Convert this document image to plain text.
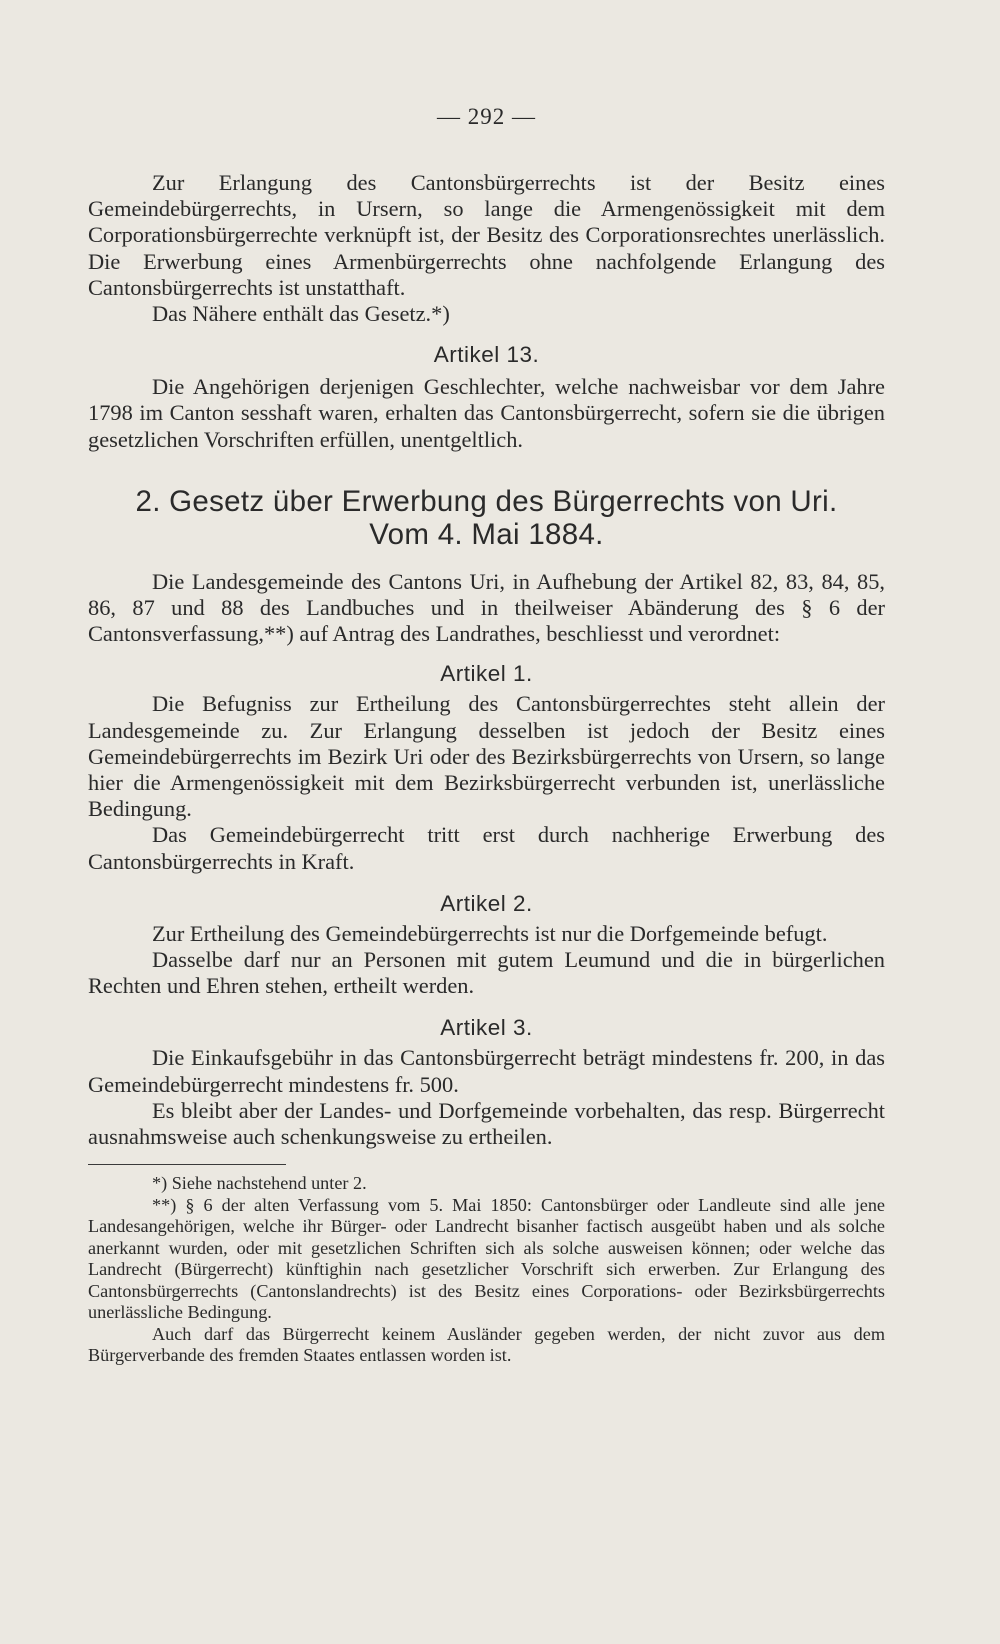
— 292 —

Zur Erlangung des Cantonsbürgerrechts ist der Besitz eines Gemeindebürgerrechts, in Ursern, so lange die Armengenössigkeit mit dem Corporationsbürgerrechte verknüpft ist, der Besitz des Corporationsrechtes unerlässlich. Die Erwerbung eines Armenbürgerrechts ohne nachfolgende Erlangung des Cantonsbürgerrechts ist unstatthaft.

Das Nähere enthält das Gesetz.*)

Artikel 13.

Die Angehörigen derjenigen Geschlechter, welche nachweisbar vor dem Jahre 1798 im Canton sesshaft waren, erhalten das Cantonsbürgerrecht, sofern sie die übrigen gesetzlichen Vorschriften erfüllen, unentgeltlich.

2. Gesetz über Erwerbung des Bürgerrechts von Uri.
Vom 4. Mai 1884.

Die Landesgemeinde des Cantons Uri, in Aufhebung der Artikel 82, 83, 84, 85, 86, 87 und 88 des Landbuches und in theilweiser Abänderung des § 6 der Cantonsverfassung,**) auf Antrag des Landrathes, beschliesst und verordnet:

Artikel 1.

Die Befugniss zur Ertheilung des Cantonsbürgerrechtes steht allein der Landesgemeinde zu. Zur Erlangung desselben ist jedoch der Besitz eines Gemeindebürgerrechts im Bezirk Uri oder des Bezirksbürgerrechts von Ursern, so lange hier die Armengenössigkeit mit dem Bezirksbürgerrecht verbunden ist, unerlässliche Bedingung.

Das Gemeindebürgerrecht tritt erst durch nachherige Erwerbung des Cantonsbürgerrechts in Kraft.

Artikel 2.

Zur Ertheilung des Gemeindebürgerrechts ist nur die Dorfgemeinde befugt.

Dasselbe darf nur an Personen mit gutem Leumund und die in bürgerlichen Rechten und Ehren stehen, ertheilt werden.

Artikel 3.

Die Einkaufsgebühr in das Cantonsbürgerrecht beträgt mindestens fr. 200, in das Gemeindebürgerrecht mindestens fr. 500.

Es bleibt aber der Landes- und Dorfgemeinde vorbehalten, das resp. Bürgerrecht ausnahmsweise auch schenkungsweise zu ertheilen.

*) Siehe nachstehend unter 2.

**) § 6 der alten Verfassung vom 5. Mai 1850: Cantonsbürger oder Landleute sind alle jene Landesangehörigen, welche ihr Bürger- oder Landrecht bisanher factisch ausgeübt haben und als solche anerkannt wurden, oder mit gesetzlichen Schriften sich als solche ausweisen können; oder welche das Landrecht (Bürgerrecht) künftighin nach gesetzlicher Vorschrift sich erwerben. Zur Erlangung des Cantonsbürgerrechts (Cantonslandrechts) ist des Besitz eines Corporations- oder Bezirksbürgerrechts unerlässliche Bedingung.

Auch darf das Bürgerrecht keinem Ausländer gegeben werden, der nicht zuvor aus dem Bürgerverbande des fremden Staates entlassen worden ist.
